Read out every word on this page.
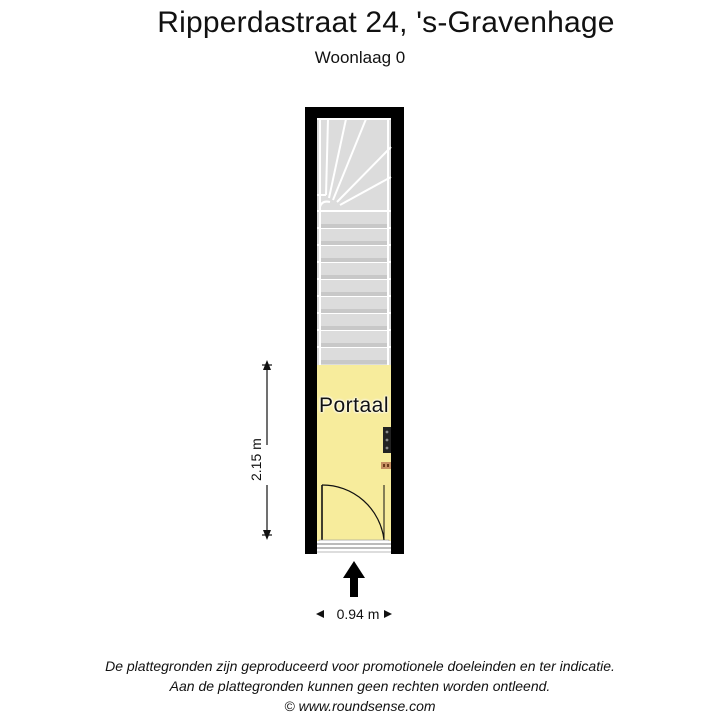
Ripperdastraat 24, 's-Gravenhage
Woonlaag 0
2.15 m
0.94 m
Portaal
De plattegronden zijn geproduceerd voor promotionele doeleinden en ter indicatie.
Aan de plattegronden kunnen geen rechten worden ontleend.
© www.roundsense.com
